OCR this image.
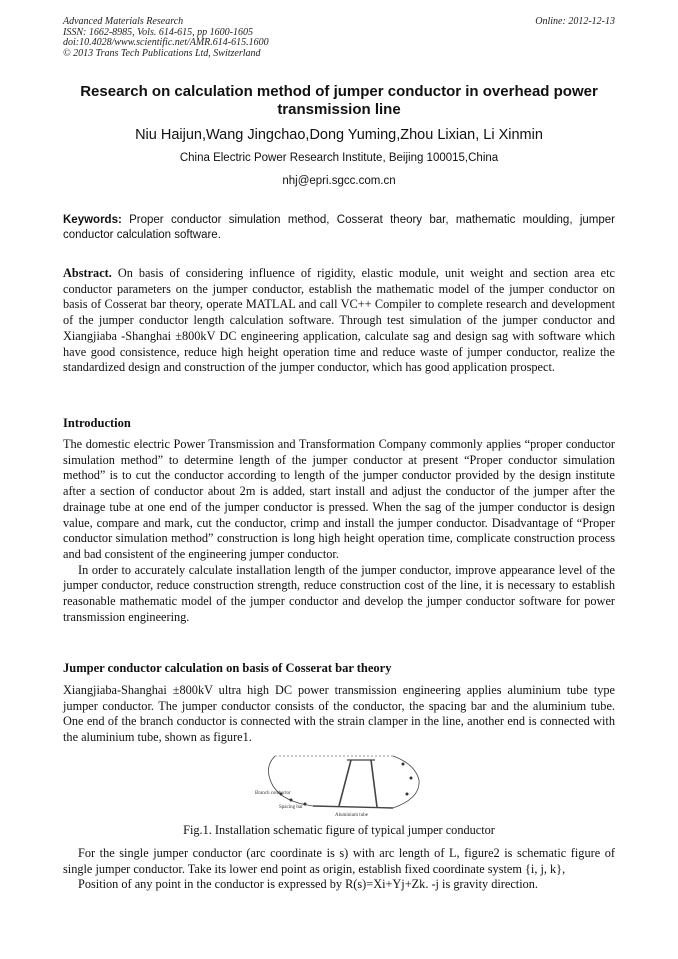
Advanced Materials Research
ISSN: 1662-8985, Vols. 614-615, pp 1600-1605
doi:10.4028/www.scientific.net/AMR.614-615.1600
© 2013 Trans Tech Publications Ltd, Switzerland
Online: 2012-12-13
Research on calculation method of jumper conductor in overhead power transmission line
Niu Haijun,Wang Jingchao,Dong Yuming,Zhou Lixian, Li Xinmin
China Electric Power Research Institute, Beijing 100015,China
nhj@epri.sgcc.com.cn
Keywords: Proper conductor simulation method, Cosserat theory bar, mathematic moulding, jumper conductor calculation software.

Abstract. On basis of considering influence of rigidity, elastic module, unit weight and section area etc conductor parameters on the jumper conductor, establish the mathematic model of the jumper conductor on basis of Cosserat bar theory, operate MATLAL and call VC++ Compiler to complete research and development of the jumper conductor length calculation software. Through test simulation of the jumper conductor and Xiangjiaba -Shanghai ±800kV DC engineering application, calculate sag and design sag with software which have good consistence, reduce high height operation time and reduce waste of jumper conductor, realize the standardized design and construction of the jumper conductor, which has good application prospect.

Introduction

The domestic electric Power Transmission and Transformation Company commonly applies “proper conductor simulation method” to determine length of the jumper conductor at present “Proper conductor simulation method” is to cut the conductor according to length of the jumper conductor provided by the design institute after a section of conductor about 2m is added, start install and adjust the conductor of the jumper after the drainage tube at one end of the jumper conductor is pressed. When the sag of the jumper conductor is design value, compare and mark, cut the conductor, crimp and install the jumper conductor. Disadvantage of “Proper conductor simulation method” construction is long high height operation time, complicate construction process and bad consistent of the engineering jumper conductor.

In order to accurately calculate installation length of the jumper conductor, improve appearance level of the jumper conductor, reduce construction strength, reduce construction cost of the line, it is necessary to establish reasonable mathematic model of the jumper conductor and develop the jumper conductor software for power transmission engineering.

Jumper conductor calculation on basis of Cosserat bar theory

Xiangjiaba-Shanghai ±800kV ultra high DC power transmission engineering applies aluminium tube type jumper conductor. The jumper conductor consists of the conductor, the spacing bar and the aluminium tube. One end of the branch conductor is connected with the strain clamper in the line, another end is connected with the aluminium tube, shown as figure1.

Branch conductor
Spacing bar
Aluminium tube
Fig.1. Installation schematic figure of typical jumper conductor

For the single jumper conductor (arc coordinate is s) with arc length of L, figure2 is schematic figure of single jumper conductor. Take its lower end point as origin, establish fixed coordinate system {i, j, k},

Position of any point in the conductor is expressed by R(s)=Xi+Yj+Zk. -j is gravity direction.
